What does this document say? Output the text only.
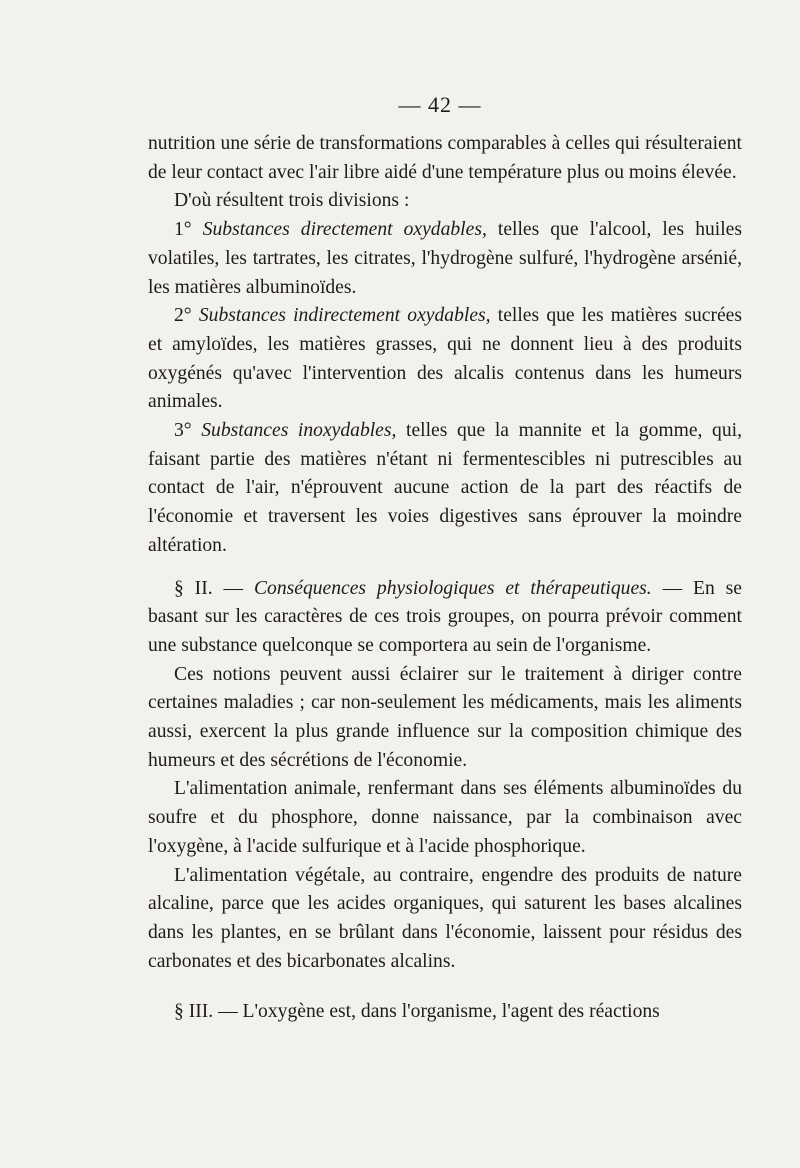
— 42 —

nutrition une série de transformations comparables à celles qui résulteraient de leur contact avec l'air libre aidé d'une température plus ou moins élevée.

D'où résultent trois divisions :

1° Substances directement oxydables, telles que l'alcool, les huiles volatiles, les tartrates, les citrates, l'hydrogène sulfuré, l'hydrogène arsénié, les matières albuminoïdes.

2° Substances indirectement oxydables, telles que les matières sucrées et amyloïdes, les matières grasses, qui ne donnent lieu à des produits oxygénés qu'avec l'intervention des alcalis contenus dans les humeurs animales.

3° Substances inoxydables, telles que la mannite et la gomme, qui, faisant partie des matières n'étant ni fermentescibles ni putrescibles au contact de l'air, n'éprouvent aucune action de la part des réactifs de l'économie et traversent les voies digestives sans éprouver la moindre altération.

§ II. — Conséquences physiologiques et thérapeutiques. — En se basant sur les caractères de ces trois groupes, on pourra prévoir comment une substance quelconque se comportera au sein de l'organisme.

Ces notions peuvent aussi éclairer sur le traitement à diriger contre certaines maladies ; car non-seulement les médicaments, mais les aliments aussi, exercent la plus grande influence sur la composition chimique des humeurs et des sécrétions de l'économie.

L'alimentation animale, renfermant dans ses éléments albuminoïdes du soufre et du phosphore, donne naissance, par la combinaison avec l'oxygène, à l'acide sulfurique et à l'acide phosphorique.

L'alimentation végétale, au contraire, engendre des produits de nature alcaline, parce que les acides organiques, qui saturent les bases alcalines dans les plantes, en se brûlant dans l'économie, laissent pour résidus des carbonates et des bicarbonates alcalins.

§ III. — L'oxygène est, dans l'organisme, l'agent des réactions
